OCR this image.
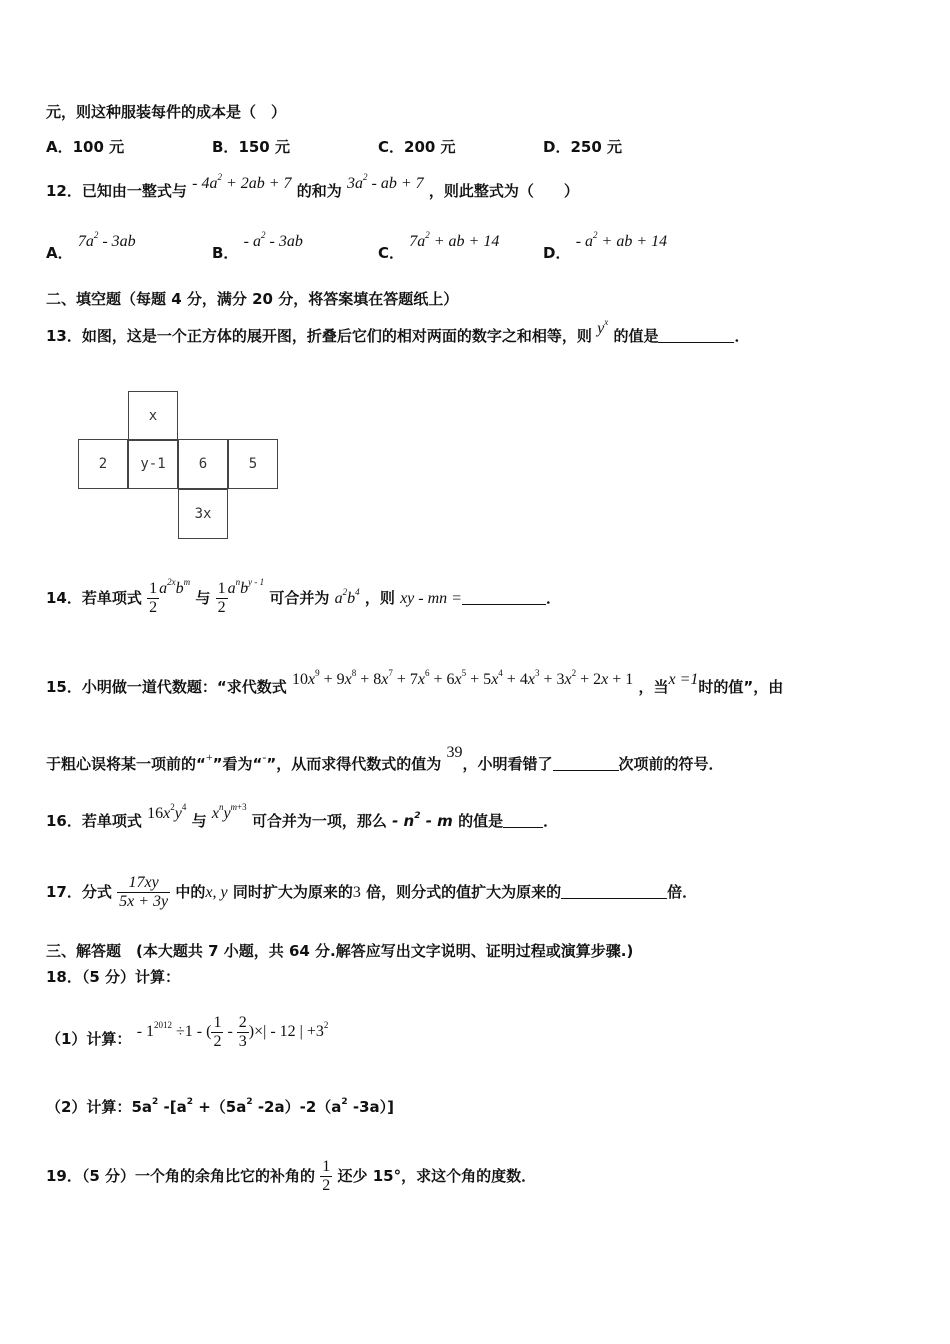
元，则这种服装每件的成本是（　）
A．100 元	B．150 元	C．200 元	D．250 元
12．已知由一整式与 - $4a^2 + 2ab + 7$ 的和为 $3a^2$ - ab + 7 ，则此整式为（　　）
A． $7a^2 - 3ab$
B． - $a^2 - 3ab$
C． $7a^2$ + ab + 14
D． - $a^2$ + ab + 14
二、填空题（每题 4 分，满分 20 分，将答案填在答题纸上）
13．如图，这是一个正方体的展开图，折叠后它们的相对两面的数字之和相等，则 $y^x$ 的值是	．
x
2	y-1	6	5
3x
14．若单项式 $\frac{1}{2} a^{2x}b^m$ 与 $\frac{1}{2} a^nb^{y - 1}$ 可合并为 $a^2b^4$ ，则 xy - mn =	．
15．小明做一道代数题：“求代数式 $10x^9 + 9x^8 + 8x^7 + 7x^6 + 6x^5 + 5x^4 + 4x^3 + 3x^2 + 2x + 1$ ，当x =1时的值”，由
于粗心误将某一项前的“+”看为“-”，从而求得代数式的值为 39，小明看错了	次项前的符号．
16．若单项式 $16x^2y^4$ 与 $x^ny^{m+3}$ 可合并为一项，那么 - $n^2$ - m 的值是	．
17．分式 $\frac{17xy}{5x + 3y}$ 中的x, y 同时扩大为原来的3 倍，则分式的值扩大为原来的	倍．
三、解答题　(本大题共 7 小题，共 64 分.解答应写出文字说明、证明过程或演算步骤.)
18．（5 分）计算：
（1）计算： - $1^{2012} \div 1$ - ( $\frac{1}{2} - \frac{2}{3}$ )×| - 12 | $+3^2$
（2）计算：$5a^2$ $-[a^2 +(5a^2$ $-2a)-2(a^2$ -3a）]
19．（5 分）一个角的余角比它的补角的 $\frac{1}{2}$ 还少 15°，求这个角的度数．
